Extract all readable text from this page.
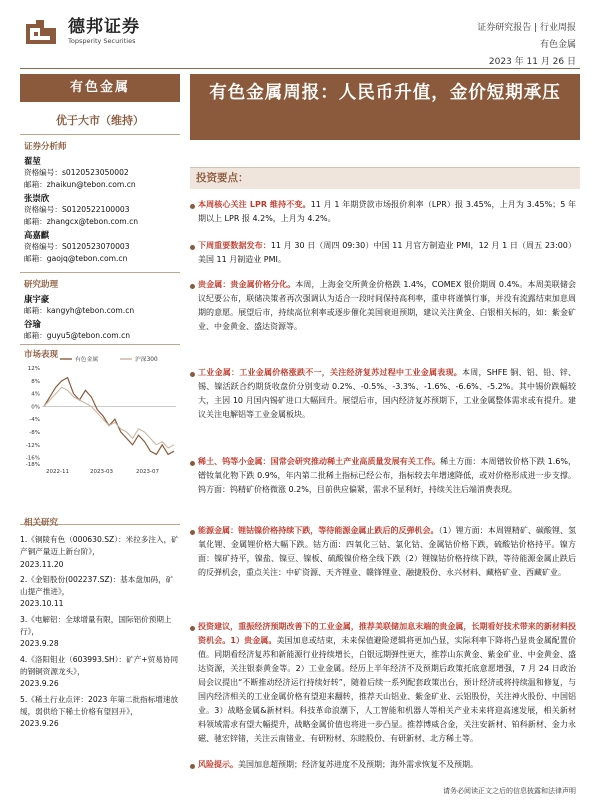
德邦证券
Topsperity Securities
证券研究报告 | 行业周报
有色金属
2023 年 11 月 26 日
有色金属
优于大市（维持）
证券分析师
翟堃
资格编号：s0120523050002
邮箱：zhaikun@tebon.com.cn
张崇欣
资格编号：S0120522100003
邮箱：zhangcx@tebon.com.cn
高嘉麒
资格编号：S0120523070003
邮箱：gaojq@tebon.com.cn
研究助理
康宇豪
邮箱：kangyh@tebon.com.cn
谷瑜
邮箱：guyu5@tebon.com.cn
市场表现
12%
8%
4%
0%
-4%
-8%
-12%
-16%
-18%
2022-11	2023-03	2023-07
有色金属	沪深300
相关研究
1.《铜陵有色（000630.SZ）：米拉多注入，矿产铜产量迈上新台阶》，
2023.11.20
2.《金钼股份(002237.SZ)：基本盘加码，矿山提产推进》，
2023.10.11
3.《电解铝：全球增量有限，国际铝价预期上行》，
2023.9.28
4.《洛阳钼业（603993.SH）：矿产+贸易协同的钢铜资源龙头》，
2023.9.26
5.《稀土行业点评：2023 年第二批指标增速放缓，弱供给下稀土价格有望回升》，
2023.9.26
有色金属周报：人民币升值，金价短期承压
投资要点：
本周核心关注 LPR 维持不变。11 月 1 年期贷款市场报价利率（LPR）报 3.45%，上月为 3.45%；5 年期以上 LPR 报 4.2%，上月为 4.2%。
下周重要数据发布：11 月 30 日（周四 09:30）中国 11 月官方制造业 PMI，12 月 1 日（周五 23:00）美国 11 月制造业 PMI。
贵金属：贵金属价格分化。本周，上海金交所黄金价格跌 1.4%，COMEX 银价期周 0.4%。本周美联储会议纪要公布，联储决策者再次强调认为适合一段时间保持高利率，重申将谨慎行事，并没有流露结束加息周期的意愿。展望后市，持续高位利率或逐步催化美国衰退预期，建议关注黄金、白银相关标的，如：紫金矿业、中金黄金、盛达资源等。
工业金属：工业金属价格涨跌不一，关注经济复苏过程中工业金属表现。本周，SHFE 铜、铝、铅、锌、锡、镍活跃合约期货收盘价分别变动 0.2%、-0.5%、-3.3%、-1.6%、-6.6%、-5.2%。其中锡价跌幅较大，主因 10 月国内锡矿进口大幅回升。展望后市，国内经济复苏预期下，工业金属整体需求或有提升。建议关注电解铝等工业金属板块。
稀土、钨等小金属：国常会研究推动稀土产业高质量发展有关工作。稀土方面：本周镨钕价格下跌 1.6%，镨钕氧化物下跌 0.9%，年内第二批稀土指标已经公布，指标较去年增速降低，或对价格形成进一步支撑。钨方面：钨精矿价格微涨 0.2%，目前供应偏紧，需求不显利好，持续关注后端消费表现。
能源金属：锂钴镍价格持续下跌，等待能源金属止跌后的反弹机会。（1）锂方面：本周锂精矿、碳酸锂、氢氧化锂、金属锂价格大幅下跌。钴方面：四氧化三钴、氯化钴、金属钴价格下跌，硫酸钴价格持平。镍方面：镍矿持平，镍盐、镍豆、镍板、硫酸镍价格全线下跌（2）锂镍钴价格持续下跌，等待能源金属止跌后的反弹机会，重点关注：中矿资源、天齐锂业、赣锋锂业、融捷股份、永兴材料、藏格矿业、西藏矿业。
投资建议，重振经济预期改善下的工业金属，推荐美联储加息末端的贵金属，长期看好技术带来的新材料投资机会。1）贵金属。美国加息或结束，未来保值避险逻辑将更加凸显，实际利率下降将凸显贵金属配置价值。同期看经济复苏和新能源行业持续增长，白银远期弹性更大，推荐山东黄金、紫金矿业、中金黄金、盛达资源，关注银泰黄金等。2）工业金属。经历上半年经济不及预期后政策托底意愿增强，7 月 24 日政治局会议提出“不断推动经济运行持续好转”，随着后续一系列配套政策出台，预计经济或将持续温和修复，与国内经济相关的工业金属价格有望迎来翻转，推荐天山铝业、紫金矿业、云铝股份，关注神火股份、中国铝业。3）战略金属&新材料。科技革命浪潮下，人工智能和机器人等相关产业未来将迎高速发展，相关新材料领域需求有望大幅提升，战略金属价值也将进一步凸显。推荐博威合金，关注安新材、铂科新材、金力永磁、驰宏锌锗，关注云南锗业、有研粉材、东睦股份、有研新材、北方稀土等。
风险提示。美国加息超预期；经济复苏进度不及预期；海外需求恢复不及预期。
请务必阅读正文之后的信息披露和法律声明
